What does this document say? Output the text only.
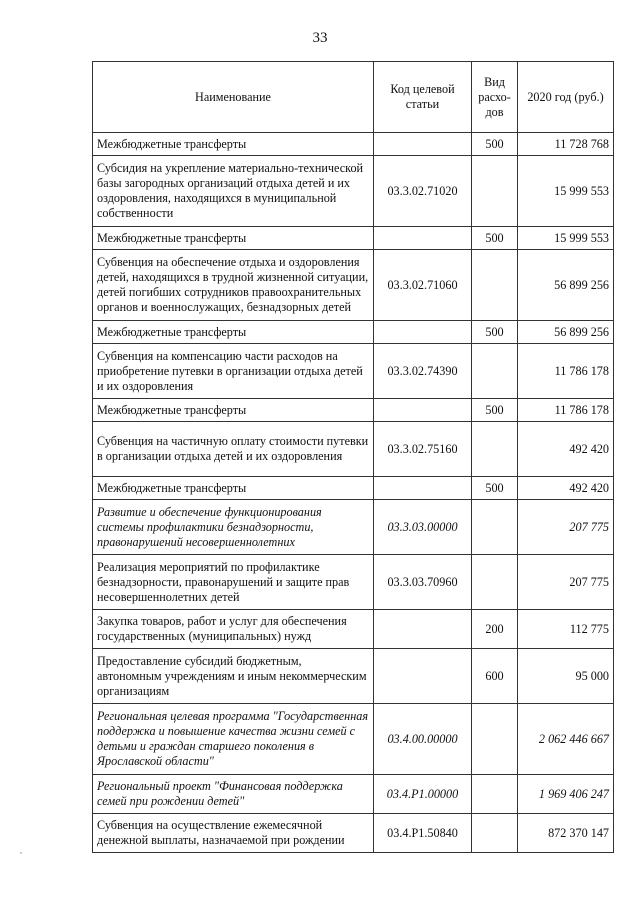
33
Наименование	Код целевой статьи	Вид расхо-дов	2020 год (руб.)
Межбюджетные трансферты		500	11 728 768
Субсидия на укрепление материально-технической базы загородных организаций отдыха детей и их оздоровления, находящихся в муниципальной собственности	03.3.02.71020		15 999 553
Межбюджетные трансферты		500	15 999 553
Субвенция на обеспечение отдыха и оздоровления детей, находящихся в трудной жизненной ситуации, детей погибших сотрудников правоохранительных органов и военнослужащих, безнадзорных детей	03.3.02.71060		56 899 256
Межбюджетные трансферты		500	56 899 256
Субвенция на компенсацию части расходов на приобретение путевки в организации отдыха детей и их оздоровления	03.3.02.74390		11 786 178
Межбюджетные трансферты		500	11 786 178
Субвенция на частичную оплату стоимости путевки в организации отдыха детей и их оздоровления	03.3.02.75160		492 420
Межбюджетные трансферты		500	492 420
Развитие и обеспечение функционирования системы профилактики безнадзорности, правонарушений несовершеннолетних	03.3.03.00000		207 775
Реализация мероприятий по профилактике безнадзорности, правонарушений и защите прав несовершеннолетних детей	03.3.03.70960		207 775
Закупка товаров, работ и услуг для обеспечения государственных (муниципальных) нужд		200	112 775
Предоставление субсидий бюджетным, автономным учреждениям и иным некоммерческим организациям		600	95 000
Региональная целевая программа "Государственная поддержка и повышение качества жизни семей с детьми и граждан старшего поколения в Ярославской области"	03.4.00.00000		2 062 446 667
Региональный проект "Финансовая поддержка семей при рождении детей"	03.4.P1.00000		1 969 406 247
Субвенция на осуществление ежемесячной денежной выплаты, назначаемой при рождении	03.4.P1.50840		872 370 147
